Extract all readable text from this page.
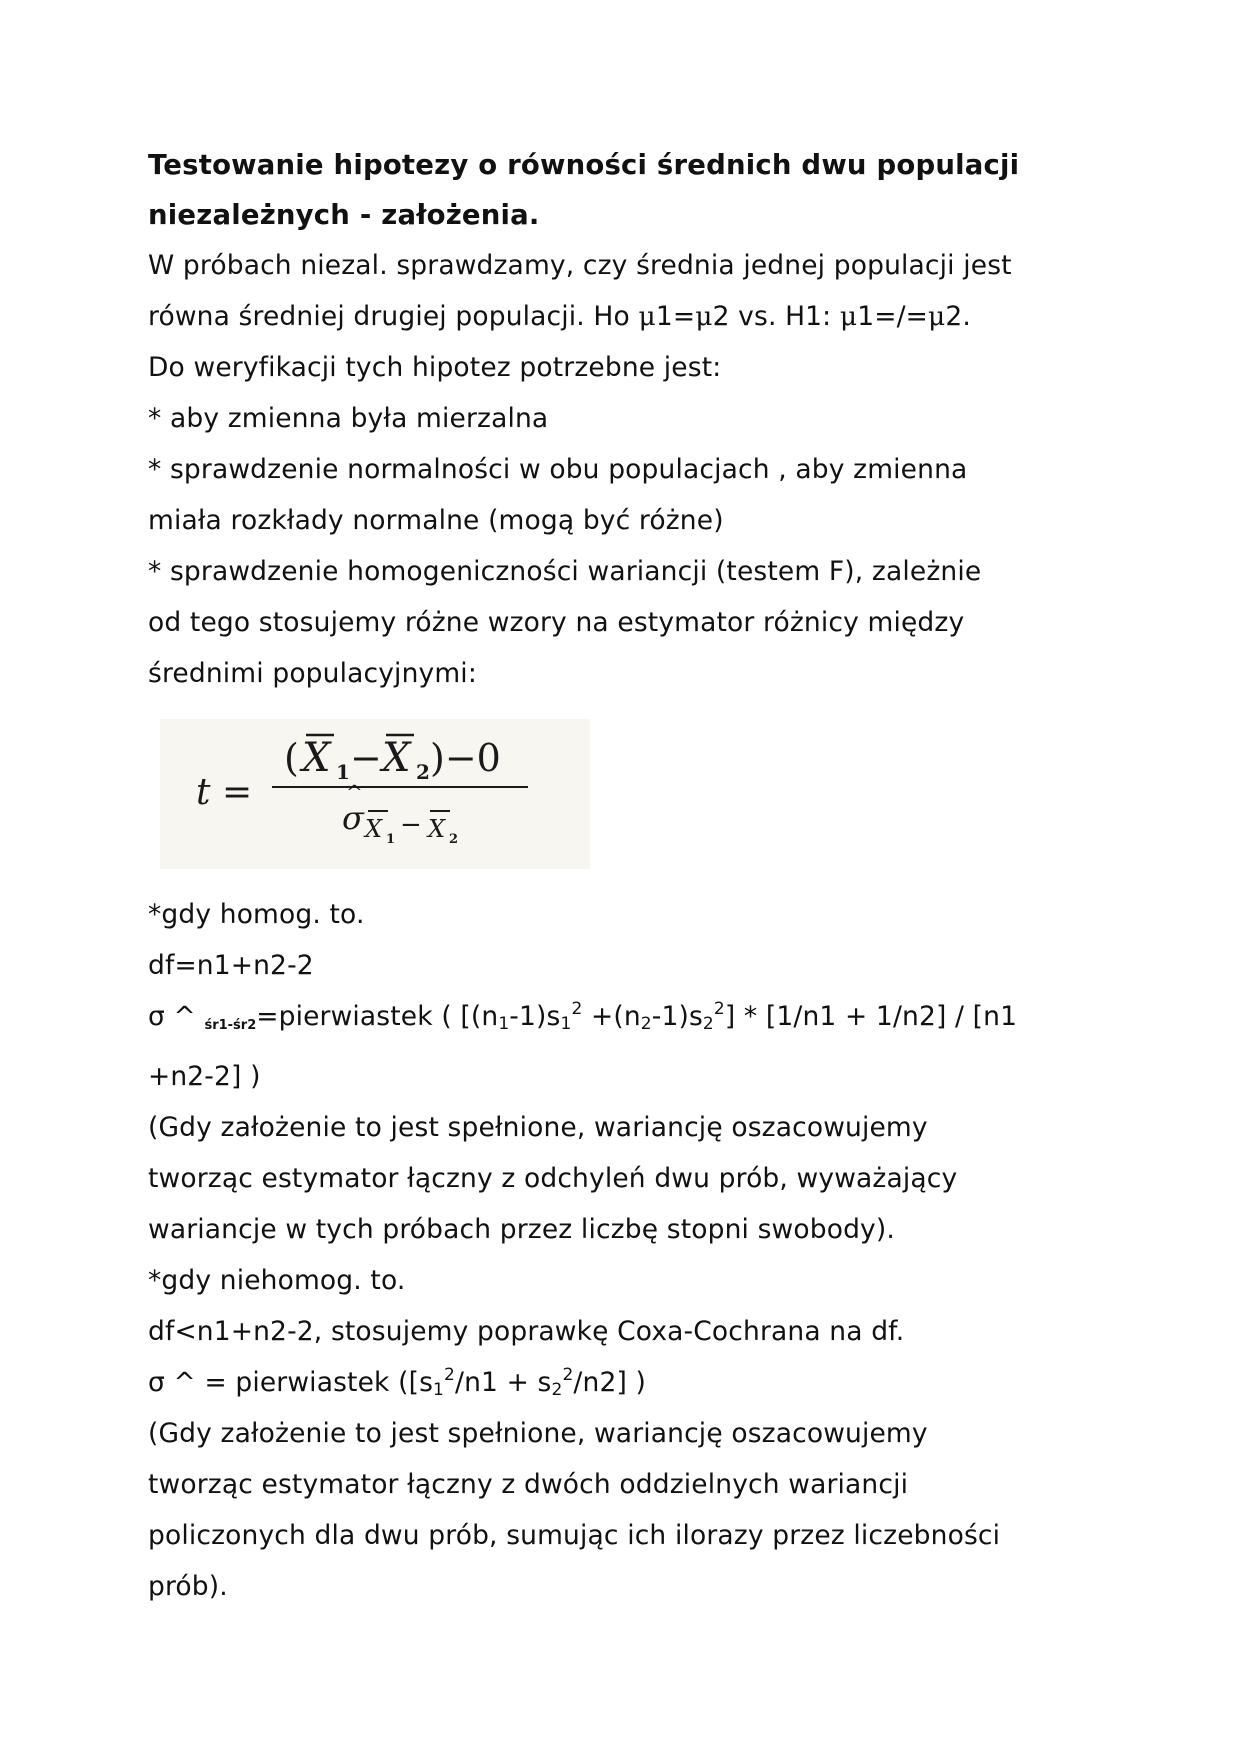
Testowanie hipotezy o równości średnich dwu populacji

niezależnych - założenia.

W próbach niezal. sprawdzamy, czy średnia jednej populacji jest

równa średniej drugiej populacji. Ho μ1=μ2 vs. H1: μ1=/=μ2.

Do weryfikacji tych hipotez potrzebne jest:

* aby zmienna była mierzalna

* sprawdzenie normalności w obu populacjach , aby zmienna

miała rozkłady normalne (mogą być różne)

* sprawdzenie homogeniczności wariancji (testem F), zależnie

od tego stosujemy różne wzory na estymator różnicy między

średnimi populacyjnymi:

t =
( X 1 − X 2 )−0
^
σ X 1 − X 2

*gdy homog. to.

df=n1+n2-2

σ ^ śr1-śr2=pierwiastek ( $[(n_1-1)s_1^2 +(n_2-1)s_2^2] * [1/n1 + 1/n2] / [n1$

+n2-2] )

(Gdy założenie to jest spełnione, wariancję oszacowujemy

tworząc estymator łączny z odchyleń dwu prób, wyważający

wariancje w tych próbach przez liczbę stopni swobody).

*gdy niehomog. to.

df<n1+n2-2, stosujemy poprawkę Coxa-Cochrana na df.

σ ^ = pierwiastek ($[s_1^2/n1 + s_2^2/n2]$ )

(Gdy założenie to jest spełnione, wariancję oszacowujemy

tworząc estymator łączny z dwóch oddzielnych wariancji

policzonych dla dwu prób, sumując ich ilorazy przez liczebności

prób).
